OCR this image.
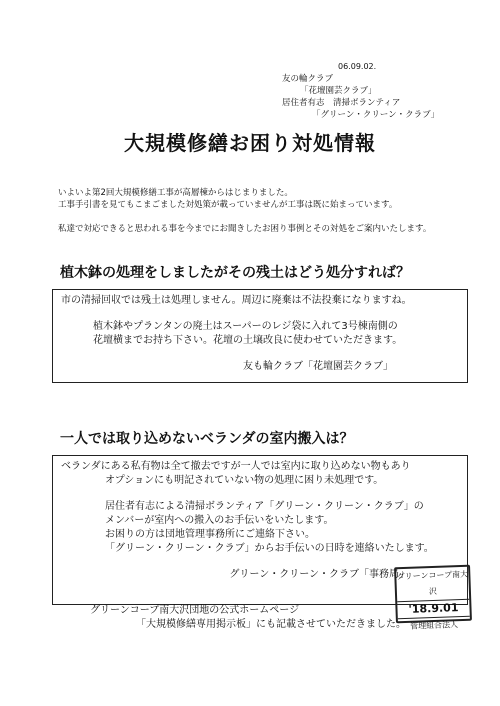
06.09.02.
友の輪クラブ
「花壇園芸クラブ」
居住者有志　清掃ボランティア
「グリーン・クリーン・クラブ」
大規模修繕お困り対処情報

いよいよ第2回大規模修繕工事が高層棟からはじまりました。

工事手引書を見てもこまごました対処策が載っていませんが工事は既に始まっています。

私達で対応できると思われる事を今までにお聞きしたお困り事例とその対処をご案内いたします。

植木鉢の処理をしましたがその残土はどう処分すれば？

市の清掃回収では残土は処理しません。周辺に廃棄は不法投棄になりますね。

植木鉢やプランタンの廃土はスーパーのレジ袋に入れて3号棟南側の

花壇横までお持ち下さい。花壇の土壌改良に使わせていただきます。

友も輪クラブ「花壇園芸クラブ」

一人では取り込めないベランダの室内搬入は？

ベランダにある私有物は全て撤去ですが一人では室内に取り込めない物もあり

オプションにも明記されていない物の処理に困り未処理です。

居住者有志による清掃ボランティア「グリーン・クリーン・クラブ」の

メンバーが室内への搬入のお手伝いをいたします。

お困りの方は団地管理事務所にご連絡下さい。

「グリーン・クリーン・クラブ」からお手伝いの日時を連絡いたします。

グリーン・クリーン・クラブ「事務局」

グリーンコープ南大沢団地の公式ホームページ

「大規模修繕専用掲示板」にも記載させていただきました。

グリーンコープ南大沢
'18.9.01
管理組合法人
